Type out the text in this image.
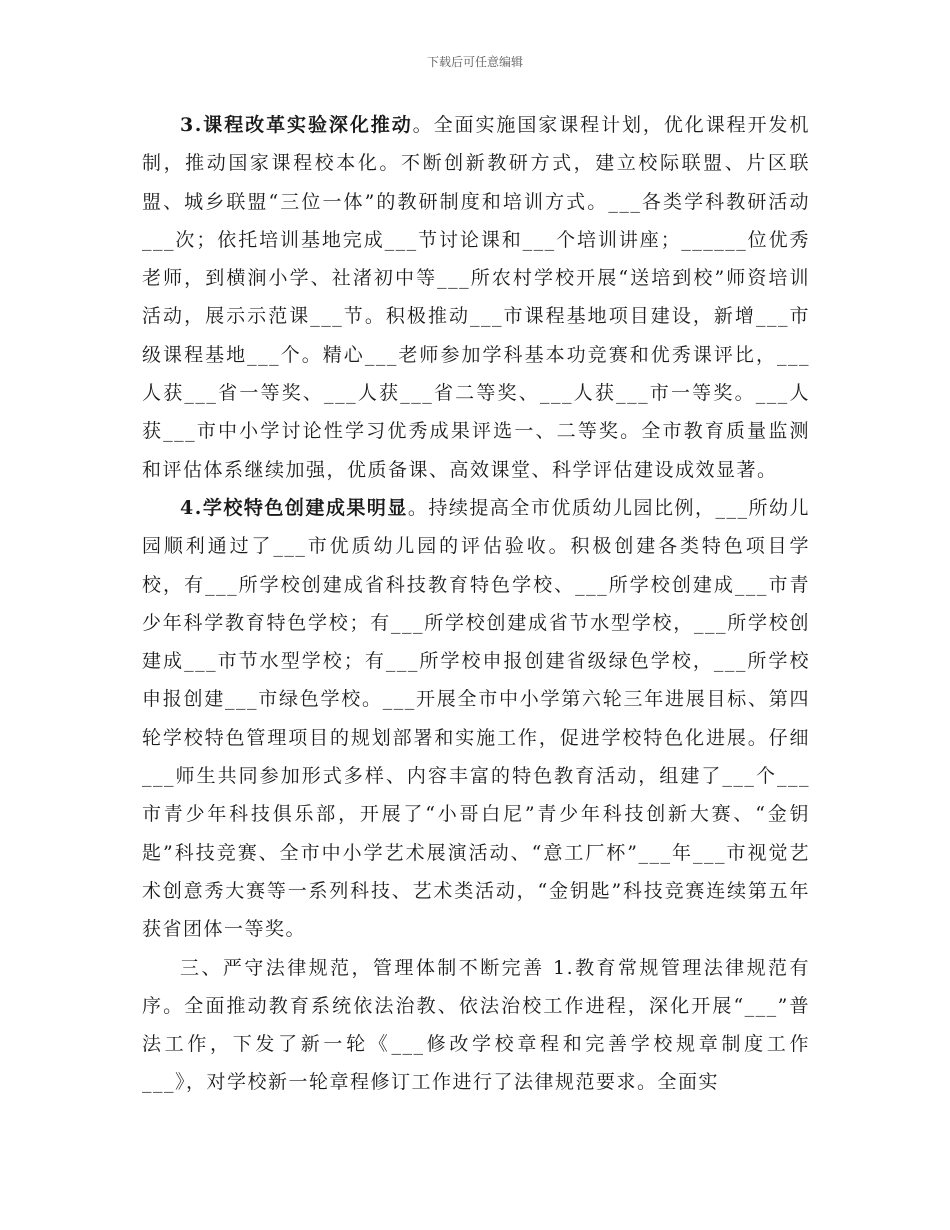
下载后可任意编辑

3.课程改革实验深化推动。全面实施国家课程计划，优化课程开发机制，推动国家课程校本化。不断创新教研方式，建立校际联盟、片区联盟、城乡联盟“三位一体”的教研制度和培训方式。___各类学科教研活动___次；依托培训基地完成___节讨论课和___个培训讲座；______位优秀老师，到横涧小学、社渚初中等___所农村学校开展“送培到校”师资培训活动，展示示范课___节。积极推动___市课程基地项目建设，新增___市级课程基地___个。精心___老师参加学科基本功竞赛和优秀课评比，___人获___省一等奖、___人获___省二等奖、___人获___市一等奖。___人获___市中小学讨论性学习优秀成果评选一、二等奖。全市教育质量监测和评估体系继续加强，优质备课、高效课堂、科学评估建设成效显著。

4.学校特色创建成果明显。持续提高全市优质幼儿园比例，___所幼儿园顺利通过了___市优质幼儿园的评估验收。积极创建各类特色项目学校，有___所学校创建成省科技教育特色学校、___所学校创建成___市青少年科学教育特色学校；有___所学校创建成省节水型学校，___所学校创建成___市节水型学校；有___所学校申报创建省级绿色学校，___所学校申报创建___市绿色学校。___开展全市中小学第六轮三年进展目标、第四轮学校特色管理项目的规划部署和实施工作，促进学校特色化进展。仔细___师生共同参加形式多样、内容丰富的特色教育活动，组建了___个___市青少年科技俱乐部，开展了“小哥白尼”青少年科技创新大赛、“金钥匙”科技竞赛、全市中小学艺术展演活动、“意工厂杯”___年___市视觉艺术创意秀大赛等一系列科技、艺术类活动，“金钥匙”科技竞赛连续第五年获省团体一等奖。

三、严守法律规范，管理体制不断完善 1.教育常规管理法律规范有序。全面推动教育系统依法治教、依法治校工作进程，深化开展“___”普法工作，下发了新一轮《___修改学校章程和完善学校规章制度工作___》，对学校新一轮章程修订工作进行了法律规范要求。全面实
